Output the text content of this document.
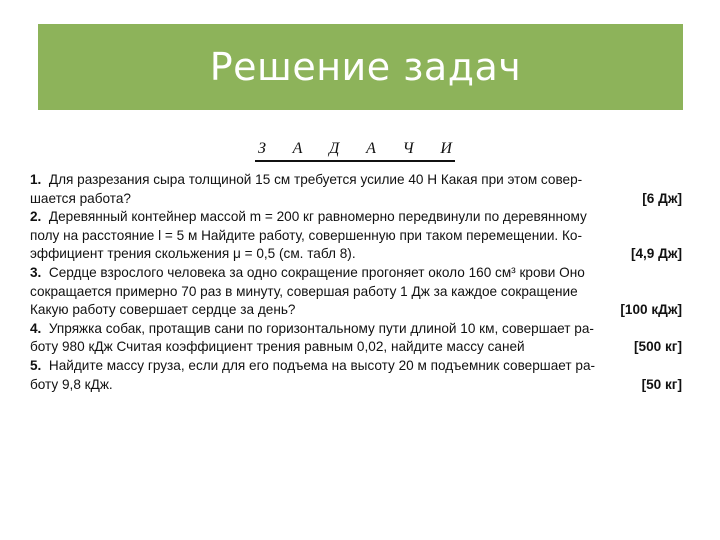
Решение задач
З А Д А Ч И
1. Для разрезания сыра толщиной 15 см требуется усилие 40 Н Какая при этом совер-
шается работа?	[6 Дж]
2. Деревянный контейнер массой m = 200 кг равномерно передвинули по деревянному
полу на расстояние l = 5 м Найдите работу, совершенную при таком перемещении. Ко-
эффициент трения скольжения μ = 0,5 (см. табл 8).	[4,9 Дж]
3. Сердце взрослого человека за одно сокращение прогоняет около 160 см³ крови Оно
сокращается примерно 70 раз в минуту, совершая работу 1 Дж за каждое сокращение
Какую работу совершает сердце за день?	[100 кДж]
4. Упряжка собак, протащив сани по горизонтальному пути длиной 10 км, совершает ра-
боту 980 кДж Считая коэффициент трения равным 0,02, найдите массу саней	[500 кг]
5. Найдите массу груза, если для его подъема на высоту 20 м подъемник совершает ра-
боту 9,8 кДж.	[50 кг]
